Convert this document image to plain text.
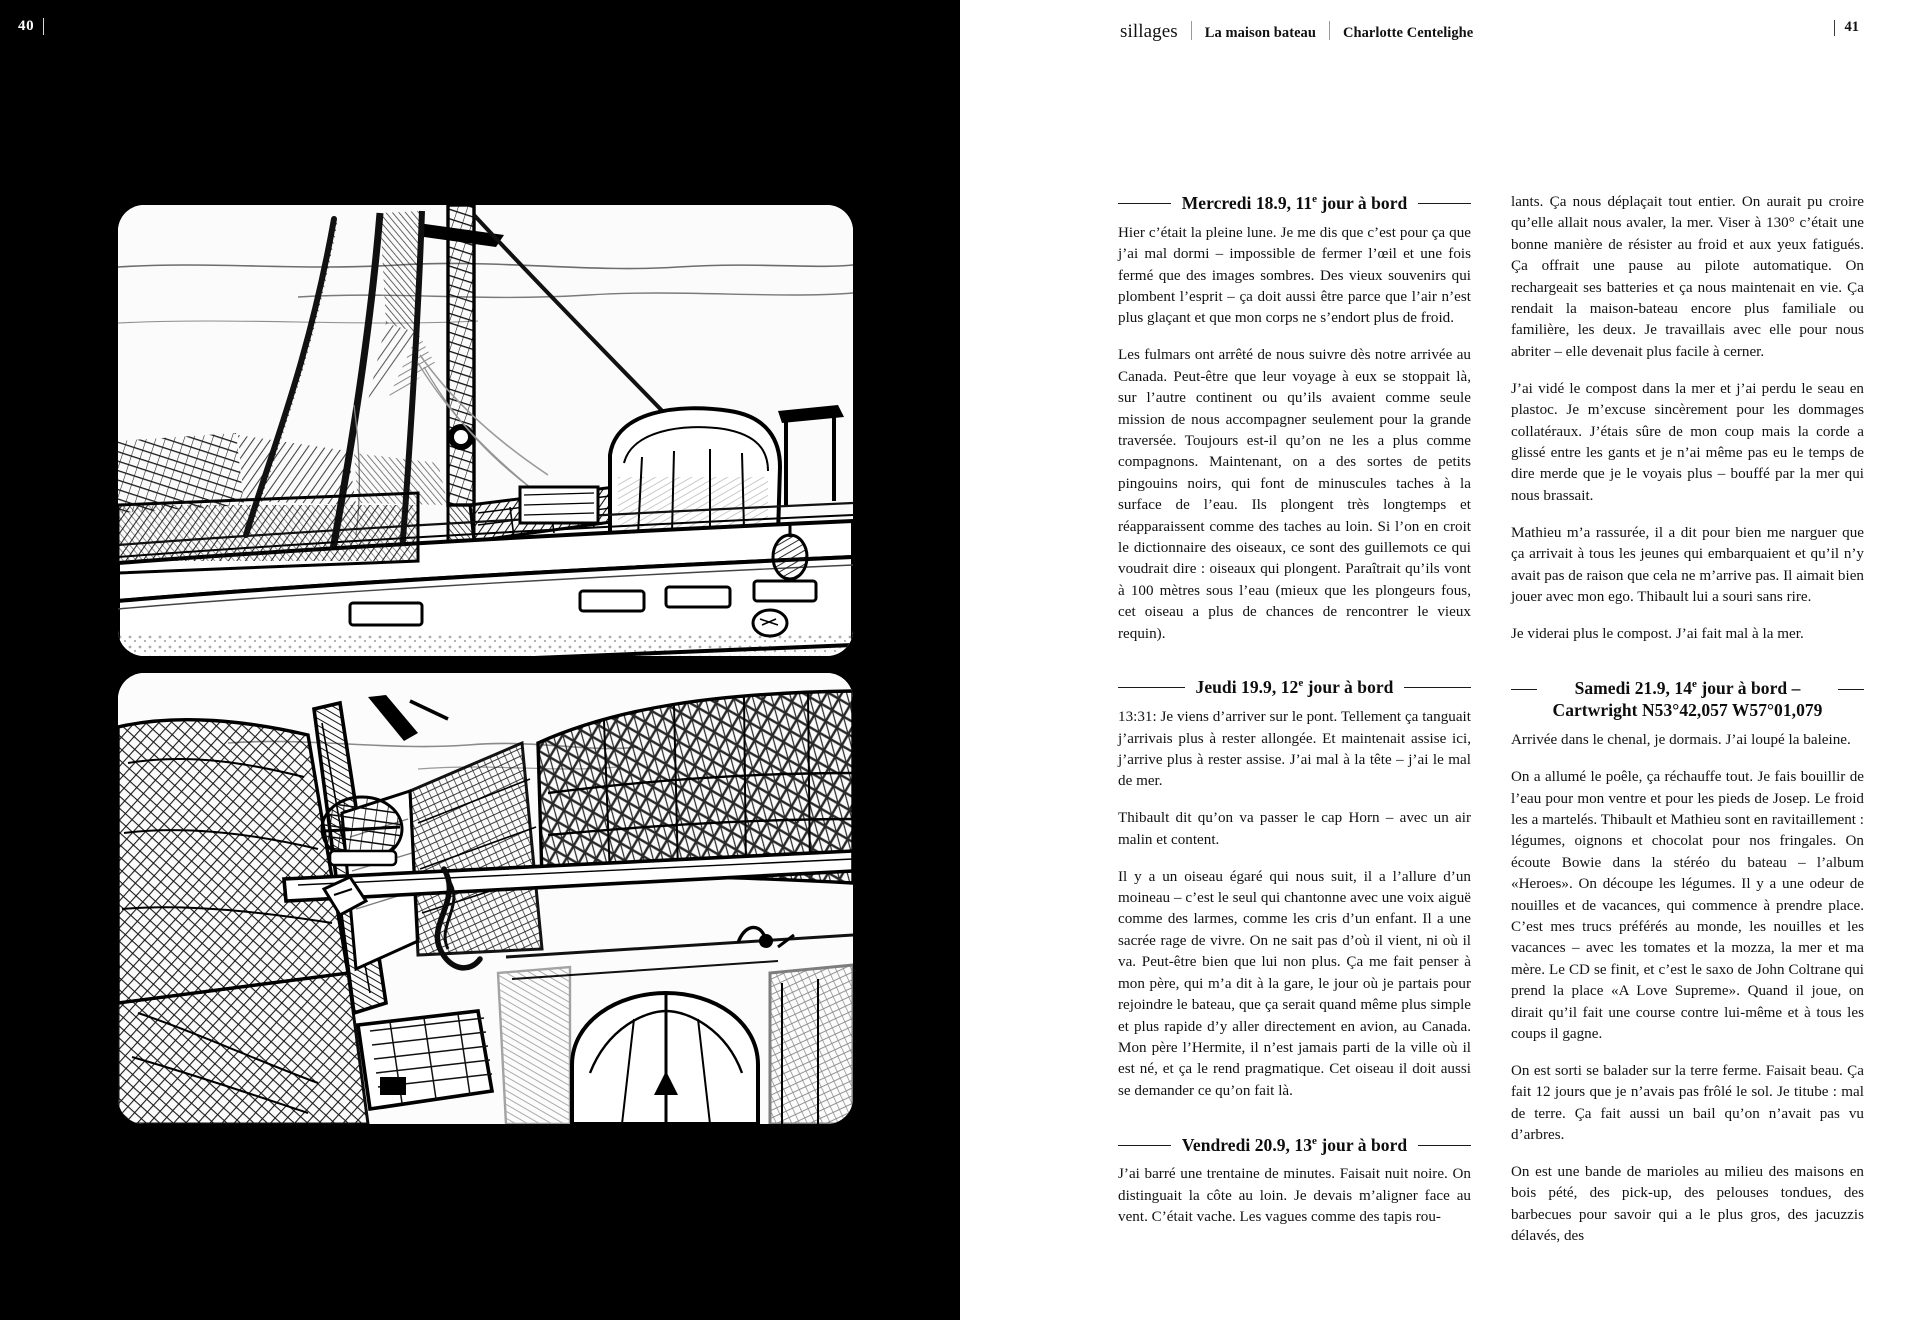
40	sillages La maison bateau Charlotte Centelighe	41
Mercredi 18.9, 11e jour à bord

Hier c’était la pleine lune. Je me dis que c’est pour ça que j’ai mal dormi – impossible de fermer l’œil et une fois fermé que des images sombres. Des vieux souvenirs qui plombent l’esprit – ça doit aussi être parce que l’air n’est plus glaçant et que mon corps ne s’endort plus de froid.

Les fulmars ont arrêté de nous suivre dès notre arrivée au Canada. Peut-être que leur voyage à eux se stoppait là, sur l’autre continent ou qu’ils avaient comme seule mission de nous accompagner seulement pour la grande traversée. Toujours est-il qu’on ne les a plus comme compagnons. Maintenant, on a des sortes de petits pingouins noirs, qui font de minuscules taches à la surface de l’eau. Ils plongent très longtemps et réapparaissent comme des taches au loin. Si l’on en croit le dictionnaire des oiseaux, ce sont des guillemots ce qui voudrait dire : oiseaux qui plongent. Paraîtrait qu’ils vont à 100 mètres sous l’eau (mieux que les plongeurs fous, cet oiseau a plus de chances de rencontrer le vieux requin).

Jeudi 19.9, 12e jour à bord

13:31: Je viens d’arriver sur le pont. Tellement ça tanguait j’arrivais plus à rester allongée. Et maintenait assise ici, j’arrive plus à rester assise. J’ai mal à la tête – j’ai le mal de mer.

Thibault dit qu’on va passer le cap Horn – avec un air malin et content.

Il y a un oiseau égaré qui nous suit, il a l’allure d’un moineau – c’est le seul qui chantonne avec une voix aiguë comme des larmes, comme les cris d’un enfant. Il a une sacrée rage de vivre. On ne sait pas d’où il vient, ni où il va. Peut-être bien que lui non plus. Ça me fait penser à mon père, qui m’a dit à la gare, le jour où je partais pour rejoindre le bateau, que ça serait quand même plus simple et plus rapide d’y aller directement en avion, au Canada. Mon père l’Hermite, il n’est jamais parti de la ville où il est né, et ça le rend pragmatique. Cet oiseau il doit aussi se demander ce qu’on fait là.

Vendredi 20.9, 13e jour à bord

J’ai barré une trentaine de minutes. Faisait nuit noire. On distinguait la côte au loin. Je devais m’aligner face au vent. C’était vache. Les vagues comme des tapis rou-

lants. Ça nous déplaçait tout entier. On aurait pu croire qu’elle allait nous avaler, la mer. Viser à 130° c’était une bonne manière de résister au froid et aux yeux fatigués. Ça offrait une pause au pilote automatique. On rechargeait ses batteries et ça nous maintenait en vie. Ça rendait la maison-bateau encore plus familiale ou familière, les deux. Je travaillais avec elle pour nous abriter – elle devenait plus facile à cerner.

J’ai vidé le compost dans la mer et j’ai perdu le seau en plastoc. Je m’excuse sincèrement pour les dommages collatéraux. J’étais sûre de mon coup mais la corde a glissé entre les gants et je n’ai même pas eu le temps de dire merde que je le voyais plus – bouffé par la mer qui nous brassait.

Mathieu m’a rassurée, il a dit pour bien me narguer que ça arrivait à tous les jeunes qui embarquaient et qu’il n’y avait pas de raison que cela ne m’arrive pas. Il aimait bien jouer avec mon ego. Thibault lui a souri sans rire.

Je viderai plus le compost. J’ai fait mal à la mer.

Samedi 21.9, 14e jour à bord – Cartwright N53°42,057 W57°01,079

Arrivée dans le chenal, je dormais. J’ai loupé la baleine.

On a allumé le poêle, ça réchauffe tout. Je fais bouillir de l’eau pour mon ventre et pour les pieds de Josep. Le froid les a martelés. Thibault et Mathieu sont en ravitaillement : légumes, oignons et chocolat pour nos fringales. On écoute Bowie dans la stéréo du bateau – l’album «Heroes». On découpe les légumes. Il y a une odeur de nouilles et de vacances, qui commence à prendre place. C’est mes trucs préférés au monde, les nouilles et les vacances – avec les tomates et la mozza, la mer et ma mère. Le CD se finit, et c’est le saxo de John Coltrane qui prend la place «A Love Supreme». Quand il joue, on dirait qu’il fait une course contre lui-même et à tous les coups il gagne.

On est sorti se balader sur la terre ferme. Faisait beau. Ça fait 12 jours que je n’avais pas frôlé le sol. Je titube : mal de terre. Ça fait aussi un bail qu’on n’avait pas vu d’arbres.

On est une bande de marioles au milieu des maisons en bois pété, des pick-up, des pelouses tondues, des barbecues pour savoir qui a le plus gros, des jacuzzis délavés, des
